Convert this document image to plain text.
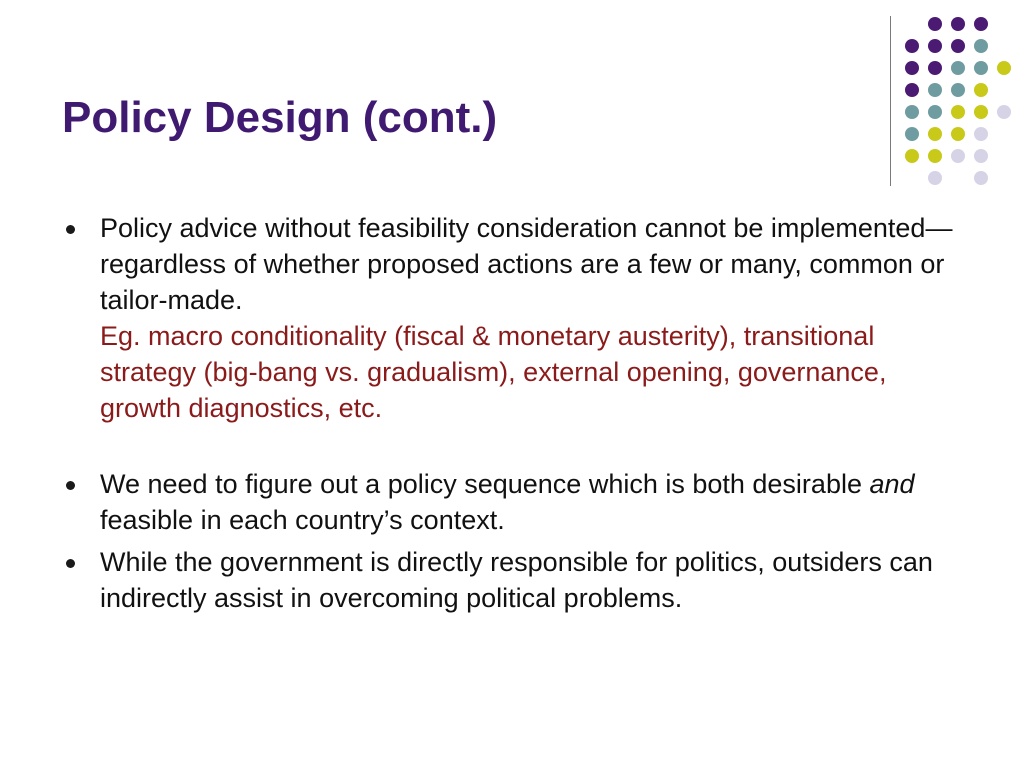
Policy Design (cont.)
Policy advice without feasibility consideration cannot be implemented—regardless of whether proposed actions are a few or many, common or tailor-made.
Eg. macro conditionality (fiscal & monetary austerity), transitional strategy (big-bang vs. gradualism), external opening, governance, growth diagnostics, etc.
We need to figure out a policy sequence which is both desirable and feasible in each country’s context.
While the government is directly responsible for politics, outsiders can indirectly assist in overcoming political problems.
